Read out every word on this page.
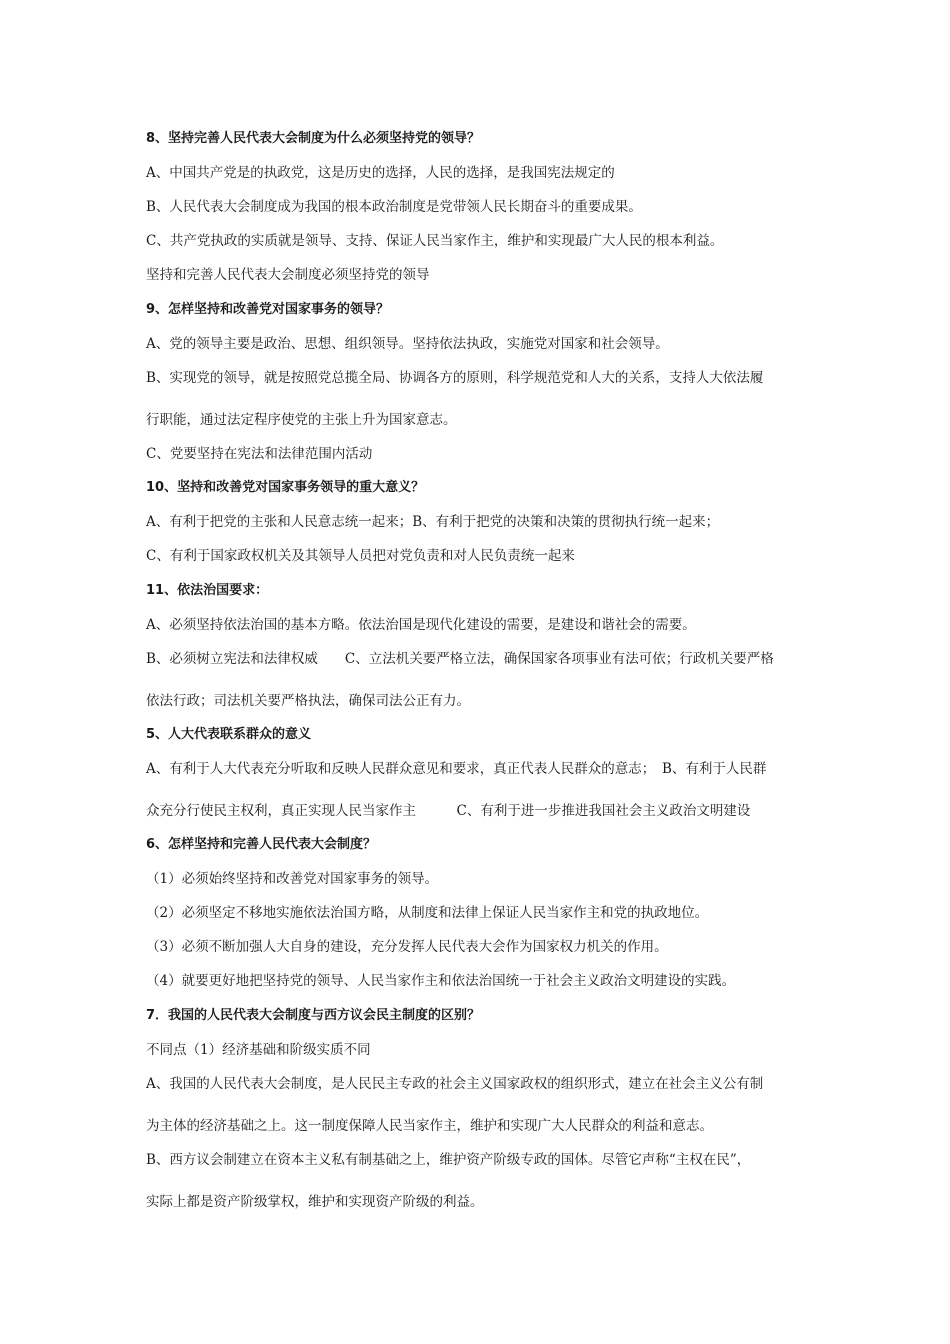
8、坚持完善人民代表大会制度为什么必须坚持党的领导？
A、中国共产党是的执政党，这是历史的选择，人民的选择，是我国宪法规定的
B、人民代表大会制度成为我国的根本政治制度是党带领人民长期奋斗的重要成果。
C、共产党执政的实质就是领导、支持、保证人民当家作主，维护和实现最广大人民的根本利益。
坚持和完善人民代表大会制度必须坚持党的领导
9、怎样坚持和改善党对国家事务的领导？
A、党的领导主要是政治、思想、组织领导。坚持依法执政，实施党对国家和社会领导。
B、实现党的领导，就是按照党总揽全局、协调各方的原则，科学规范党和人大的关系，支持人大依法履
行职能，通过法定程序使党的主张上升为国家意志。
C、党要坚持在宪法和法律范围内活动
10、坚持和改善党对国家事务领导的重大意义？
A、有利于把党的主张和人民意志统一起来；B、有利于把党的决策和决策的贯彻执行统一起来；
C、有利于国家政权机关及其领导人员把对党负责和对人民负责统一起来
11、依法治国要求：
A、必须坚持依法治国的基本方略。依法治国是现代化建设的需要，是建设和谐社会的需要。
B、必须树立宪法和法律权威　　C、立法机关要严格立法，确保国家各项事业有法可依；行政机关要严格
依法行政；司法机关要严格执法，确保司法公正有力。
5、人大代表联系群众的意义
A、有利于人大代表充分听取和反映人民群众意见和要求，真正代表人民群众的意志；　B、有利于人民群
众充分行使民主权利，真正实现人民当家作主　　　C、有利于进一步推进我国社会主义政治文明建设
6、怎样坚持和完善人民代表大会制度？
（1）必须始终坚持和改善党对国家事务的领导。
（2）必须坚定不移地实施依法治国方略，从制度和法律上保证人民当家作主和党的执政地位。
（3）必须不断加强人大自身的建设，充分发挥人民代表大会作为国家权力机关的作用。
（4）就要更好地把坚持党的领导、人民当家作主和依法治国统一于社会主义政治文明建设的实践。
7．我国的人民代表大会制度与西方议会民主制度的区别？
不同点（1）经济基础和阶级实质不同
A、我国的人民代表大会制度，是人民民主专政的社会主义国家政权的组织形式，建立在社会主义公有制
为主体的经济基础之上。这一制度保障人民当家作主，维护和实现广大人民群众的利益和意志。
B、西方议会制建立在资本主义私有制基础之上，维护资产阶级专政的国体。尽管它声称“主权在民”，
实际上都是资产阶级掌权，维护和实现资产阶级的利益。
